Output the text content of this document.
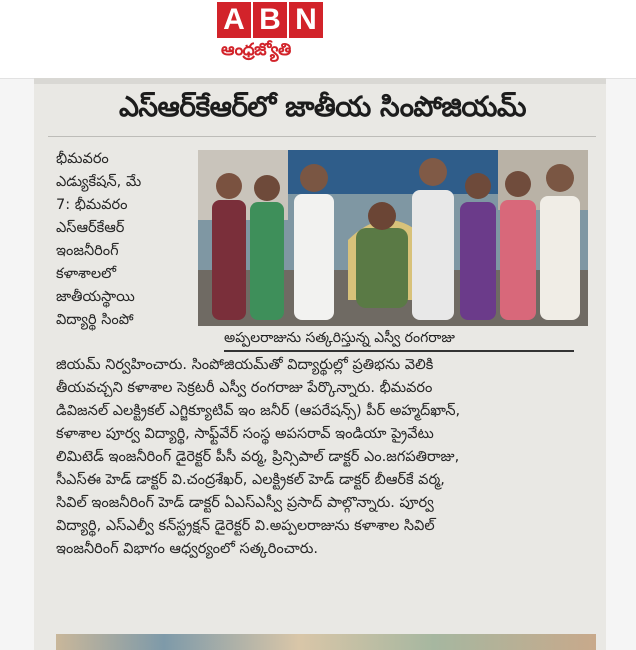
A B N
ఆంధ్రజ్యోతి
ఎస్ఆర్‌కేఆర్‌లో జాతీయ సింపోజియమ్
భీమవరం
ఎడ్యుకేషన్, మే
7: భీమవరం
ఎస్ఆర్‌కేఆర్
ఇంజనీరింగ్
కళాశాలలో
జాతీయస్థాయి
విద్యార్థి సింపో
అప్పలరాజును సత్కరిస్తున్న ఎస్వీ రంగరాజు
జియమ్ నిర్వహించారు. సింపోజియమ్‌తో విద్యార్థుల్లో ప్రతిభను వెలికి
తీయవచ్చని కళాశాల సెక్రటరీ ఎస్వీ రంగరాజు పేర్కొన్నారు. భీమవరం
డివిజనల్ ఎలక్ట్రికల్ ఎగ్జిక్యూటివ్ ఇం జనీర్ (ఆపరేషన్స్) పీర్ అహ్మద్‌ఖాన్,
కళాశాల పూర్వ విద్యార్థి, సాఫ్ట్‌వేర్ సంస్థ అపసరావ్ ఇండియా ప్రైవేటు
లిమిటెడ్ ఇంజనీరింగ్ డైరెక్టర్ పీసీ వర్మ, ప్రిన్సిపాల్ డాక్టర్ ఎం.జగపతిరాజు,
సీఎస్ఈ హెడ్ డాక్టర్ వి.చంద్రశేఖర్, ఎలక్ట్రికల్ హెడ్ డాక్టర్ బీఆర్‌కే వర్మ,
సివిల్ ఇంజనీరింగ్ హెడ్ డాక్టర్ ఏఎస్ఎస్వీ ప్రసాద్ పాల్గొన్నారు. పూర్వ
విద్యార్థి, ఎస్ఎల్వీ కన్‌స్ట్రక్షన్ డైరెక్టర్ వి.అప్పలరాజును కళాశాల సివిల్
ఇంజనీరింగ్ విభాగం ఆధ్వర్యంలో సత్కరించారు.
